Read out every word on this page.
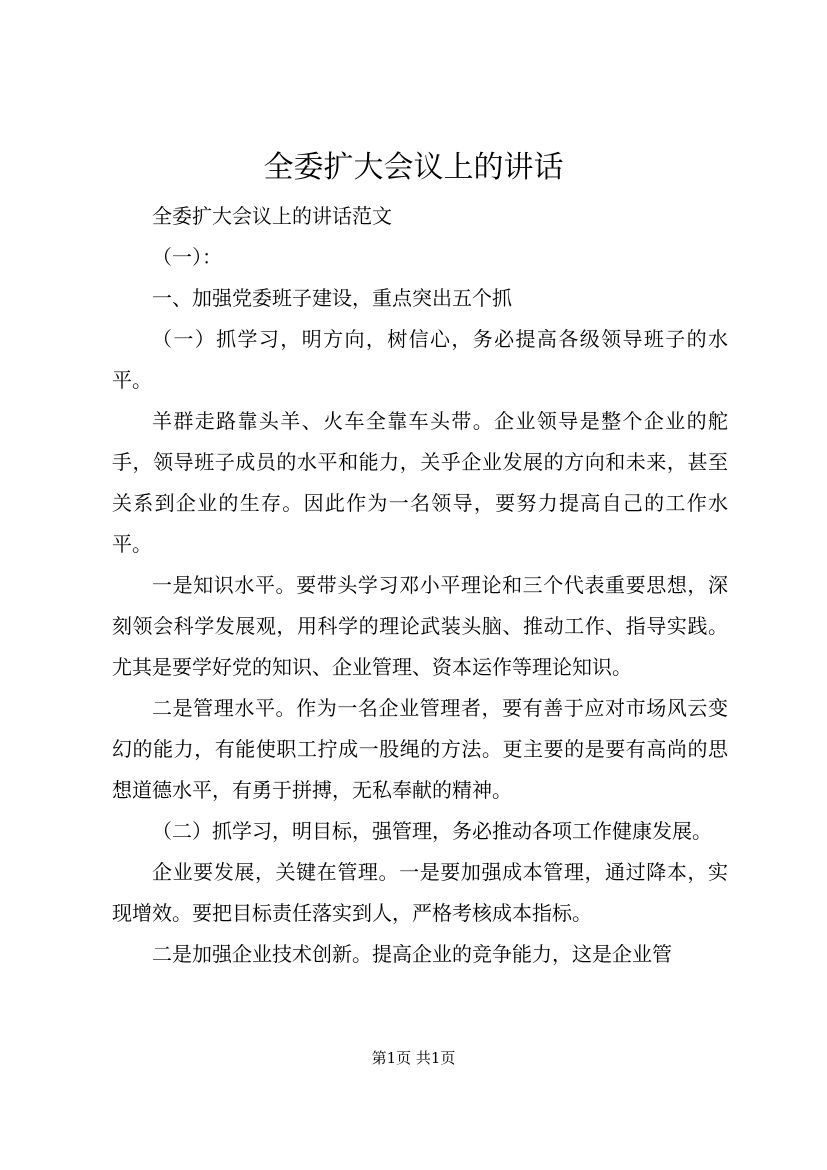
全委扩大会议上的讲话

全委扩大会议上的讲话范文

（一）：

一、加强党委班子建设，重点突出五个抓

（一）抓学习，明方向，树信心，务必提高各级领导班子的水平。

羊群走路靠头羊、火车全靠车头带。企业领导是整个企业的舵手，领导班子成员的水平和能力，关乎企业发展的方向和未来，甚至关系到企业的生存。因此作为一名领导，要努力提高自己的工作水平。

一是知识水平。要带头学习邓小平理论和三个代表重要思想，深刻领会科学发展观，用科学的理论武装头脑、推动工作、指导实践。尤其是要学好党的知识、企业管理、资本运作等理论知识。

二是管理水平。作为一名企业管理者，要有善于应对市场风云变幻的能力，有能使职工拧成一股绳的方法。更主要的是要有高尚的思想道德水平，有勇于拼搏，无私奉献的精神。

（二）抓学习，明目标，强管理，务必推动各项工作健康发展。

企业要发展，关键在管理。一是要加强成本管理，通过降本，实现增效。要把目标责任落实到人，严格考核成本指标。

二是加强企业技术创新。提高企业的竞争能力，这是企业管

第1页 共1页
